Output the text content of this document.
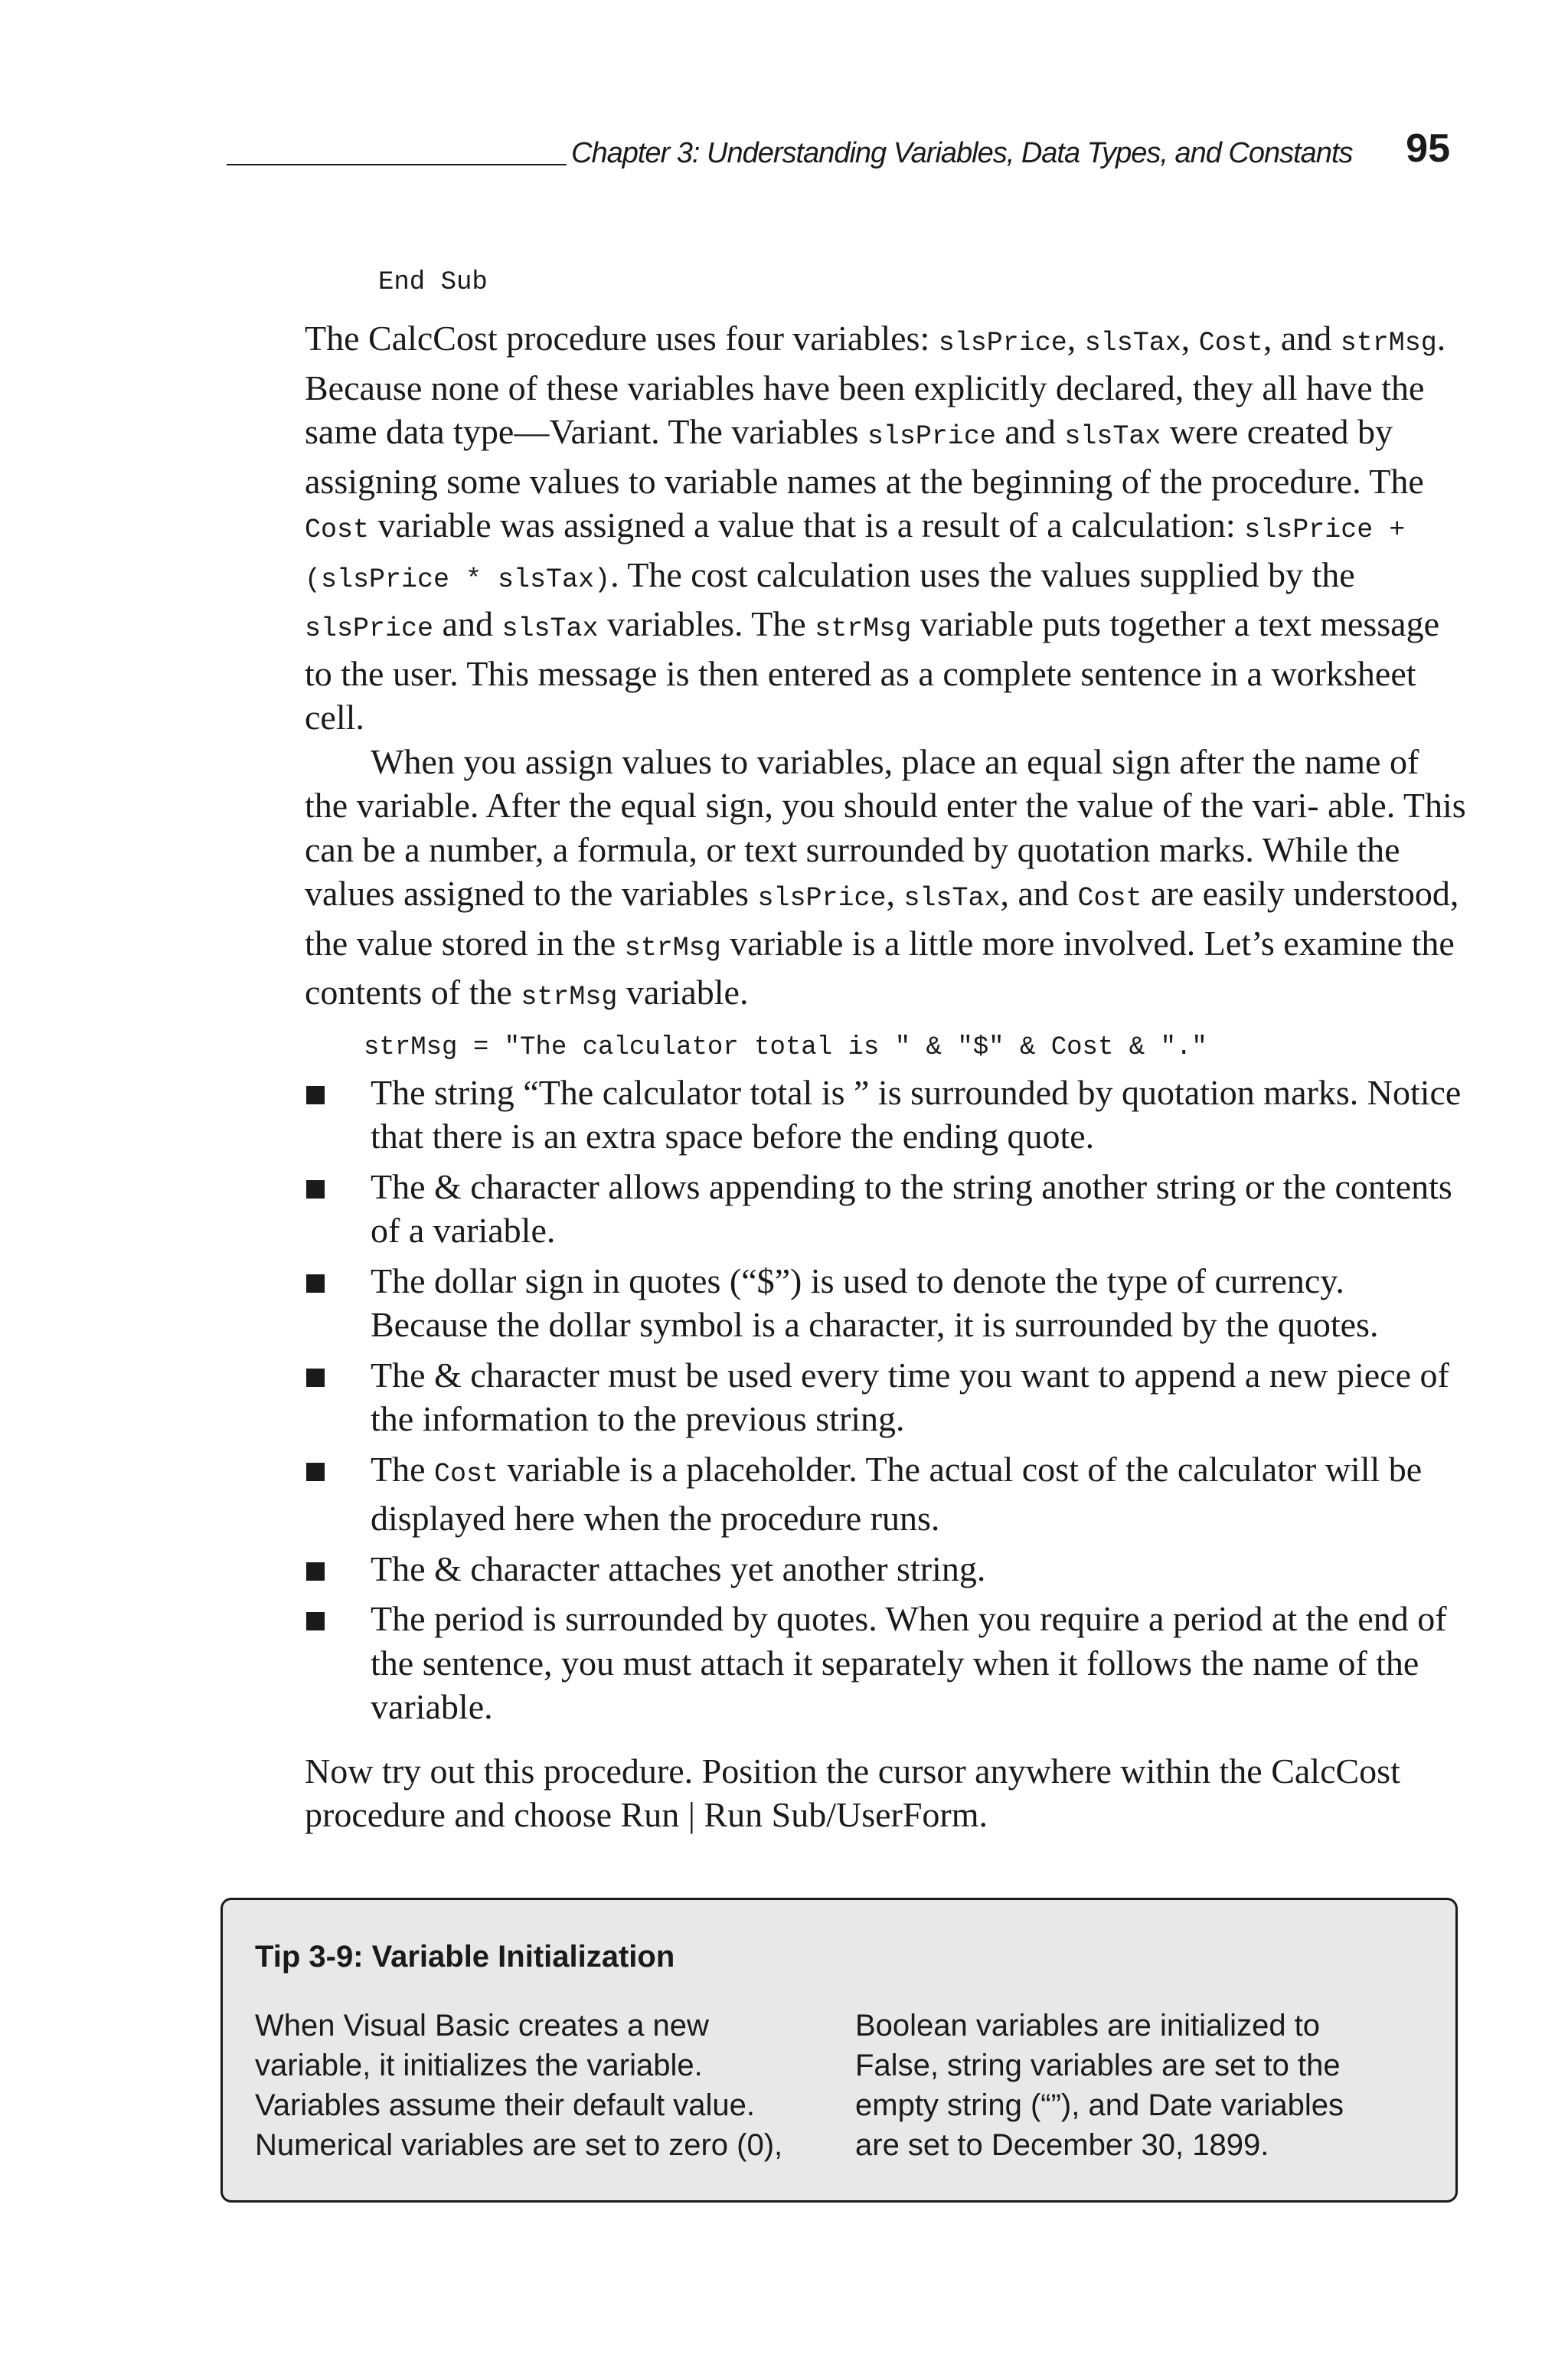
Chapter 3: Understanding Variables, Data Types, and Constants 95
End Sub

The CalcCost procedure uses four variables: slsPrice, slsTax, Cost, and strMsg. Because none of these variables have been explicitly declared, they all have the same data type—Variant. The variables slsPrice and slsTax were created by assigning some values to variable names at the beginning of the procedure. The Cost variable was assigned a value that is a result of a calculation: slsPrice + (slsPrice * slsTax). The cost calculation uses the values supplied by the slsPrice and slsTax variables. The strMsg variable puts together a text message to the user. This message is then entered as a complete sentence in a worksheet cell.

When you assign values to variables, place an equal sign after the name of the variable. After the equal sign, you should enter the value of the vari- able. This can be a number, a formula, or text surrounded by quotation marks. While the values assigned to the variables slsPrice, slsTax, and Cost are easily understood, the value stored in the strMsg variable is a little more involved. Let’s examine the contents of the strMsg variable.

strMsg = "The calculator total is " & "$" & Cost & "."
The string “The calculator total is ” is surrounded by quotation marks. Notice that there is an extra space before the ending quote.
The & character allows appending to the string another string or the contents of a variable.
The dollar sign in quotes (“$”) is used to denote the type of currency. Because the dollar symbol is a character, it is surrounded by the quotes.
The & character must be used every time you want to append a new piece of the information to the previous string.
The Cost variable is a placeholder. The actual cost of the calculator will be displayed here when the procedure runs.
The & character attaches yet another string.
The period is surrounded by quotes. When you require a period at the end of the sentence, you must attach it separately when it follows the name of the variable.

Now try out this procedure. Position the cursor anywhere within the CalcCost procedure and choose Run | Run Sub/UserForm.

Tip 3-9: Variable Initialization
When Visual Basic creates a new
variable, it initializes the variable.
Variables assume their default value.
Numerical variables are set to zero (0),
Boolean variables are initialized to
False, string variables are set to the
empty string (“”), and Date variables
are set to December 30, 1899.
